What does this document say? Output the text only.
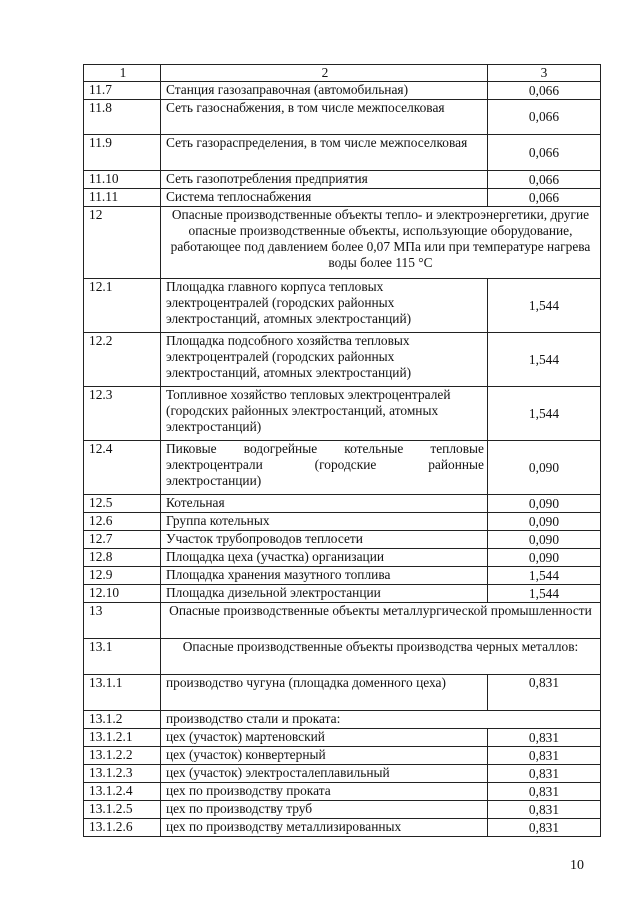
1	2	3
11.7	Станция газозаправочная (автомобильная)	0,066
11.8	Сеть газоснабжения, в том числе межпоселковая	0,066
11.9	Сеть газораспределения, в том числе межпоселковая	0,066
11.10	Сеть газопотребления предприятия	0,066
11.11	Система теплоснабжения	0,066
12	Опасные производственные объекты тепло- и электроэнергетики, другие опасные производственные объекты, использующие оборудование, работающее под давлением более 0,07 МПа или при температуре нагрева воды более 115 °С	
12.1	Площадка главного корпуса тепловых электроцентралей (городских районных электростанций, атомных электростанций)	1,544
12.2	Площадка подсобного хозяйства тепловых электроцентралей (городских районных электростанций, атомных электростанций)	1,544
12.3	Топливное хозяйство тепловых электроцентралей (городских районных электростанций, атомных электростанций)	1,544
12.4	Пиковые водогрейные котельные тепловые электроцентрали (городские районные электростанции)	0,090
12.5	Котельная	0,090
12.6	Группа котельных	0,090
12.7	Участок трубопроводов теплосети	0,090
12.8	Площадка цеха (участка) организации	0,090
12.9	Площадка хранения мазутного топлива	1,544
12.10	Площадка дизельной электростанции	1,544
13	Опасные производственные объекты металлургической промышленности	
13.1	Опасные производственные объекты производства черных металлов:	
13.1.1	производство чугуна (площадка доменного цеха)	0,831
13.1.2	производство стали и проката:	
13.1.2.1	цех (участок) мартеновский	0,831
13.1.2.2	цех (участок) конвертерный	0,831
13.1.2.3	цех (участок) электросталеплавильный	0,831
13.1.2.4	цех по производству проката	0,831
13.1.2.5	цех по производству труб	0,831
13.1.2.6	цех по производству металлизированных	0,831
10
